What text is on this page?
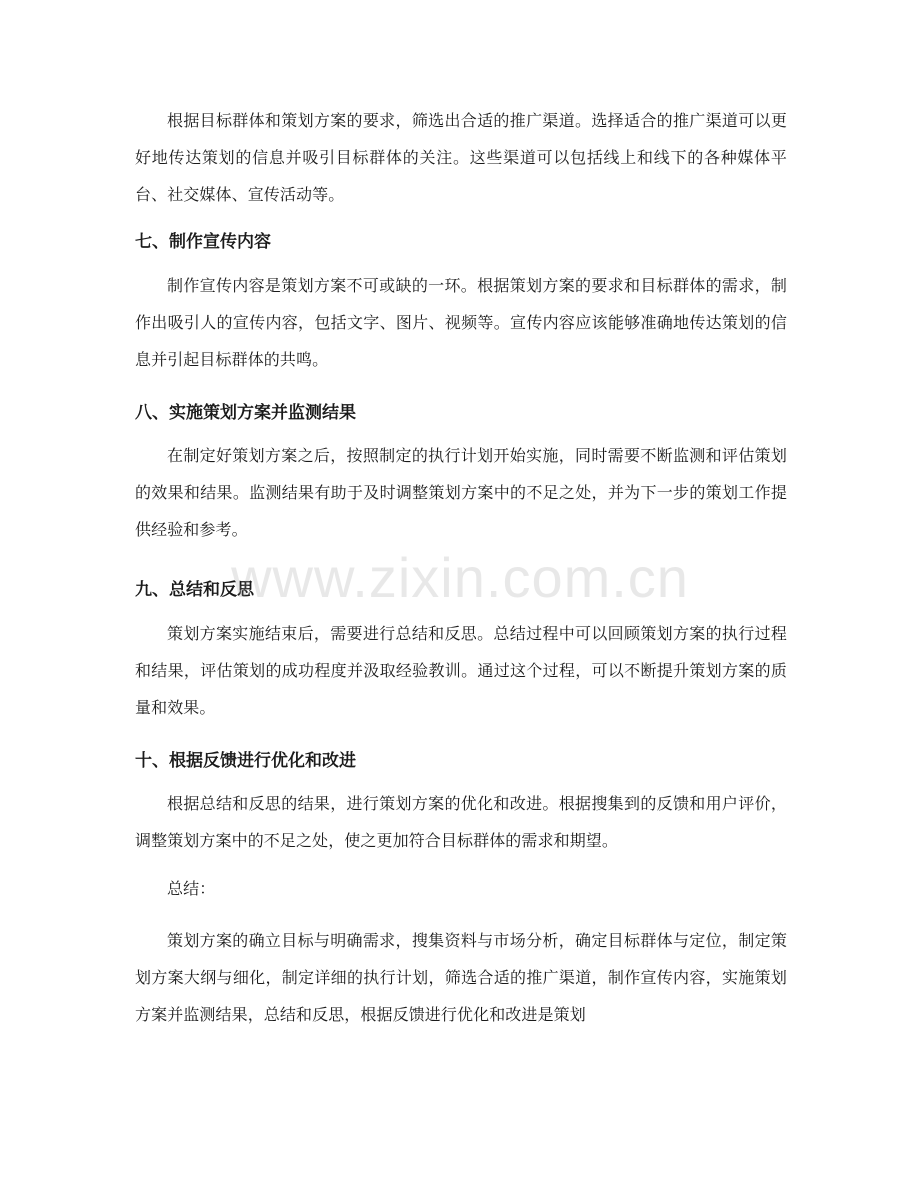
根据目标群体和策划方案的要求，筛选出合适的推广渠道。选择适合的推广渠道可以更好地传达策划的信息并吸引目标群体的关注。这些渠道可以包括线上和线下的各种媒体平台、社交媒体、宣传活动等。

七、制作宣传内容

制作宣传内容是策划方案不可或缺的一环。根据策划方案的要求和目标群体的需求，制作出吸引人的宣传内容，包括文字、图片、视频等。宣传内容应该能够准确地传达策划的信息并引起目标群体的共鸣。

八、实施策划方案并监测结果

在制定好策划方案之后，按照制定的执行计划开始实施，同时需要不断监测和评估策划的效果和结果。监测结果有助于及时调整策划方案中的不足之处，并为下一步的策划工作提供经验和参考。

九、总结和反思

策划方案实施结束后，需要进行总结和反思。总结过程中可以回顾策划方案的执行过程和结果，评估策划的成功程度并汲取经验教训。通过这个过程，可以不断提升策划方案的质量和效果。

十、根据反馈进行优化和改进

根据总结和反思的结果，进行策划方案的优化和改进。根据搜集到的反馈和用户评价，调整策划方案中的不足之处，使之更加符合目标群体的需求和期望。

总结：

策划方案的确立目标与明确需求，搜集资料与市场分析，确定目标群体与定位，制定策划方案大纲与细化，制定详细的执行计划，筛选合适的推广渠道，制作宣传内容，实施策划方案并监测结果，总结和反思，根据反馈进行优化和改进是策划

www.zixin.com.cn
